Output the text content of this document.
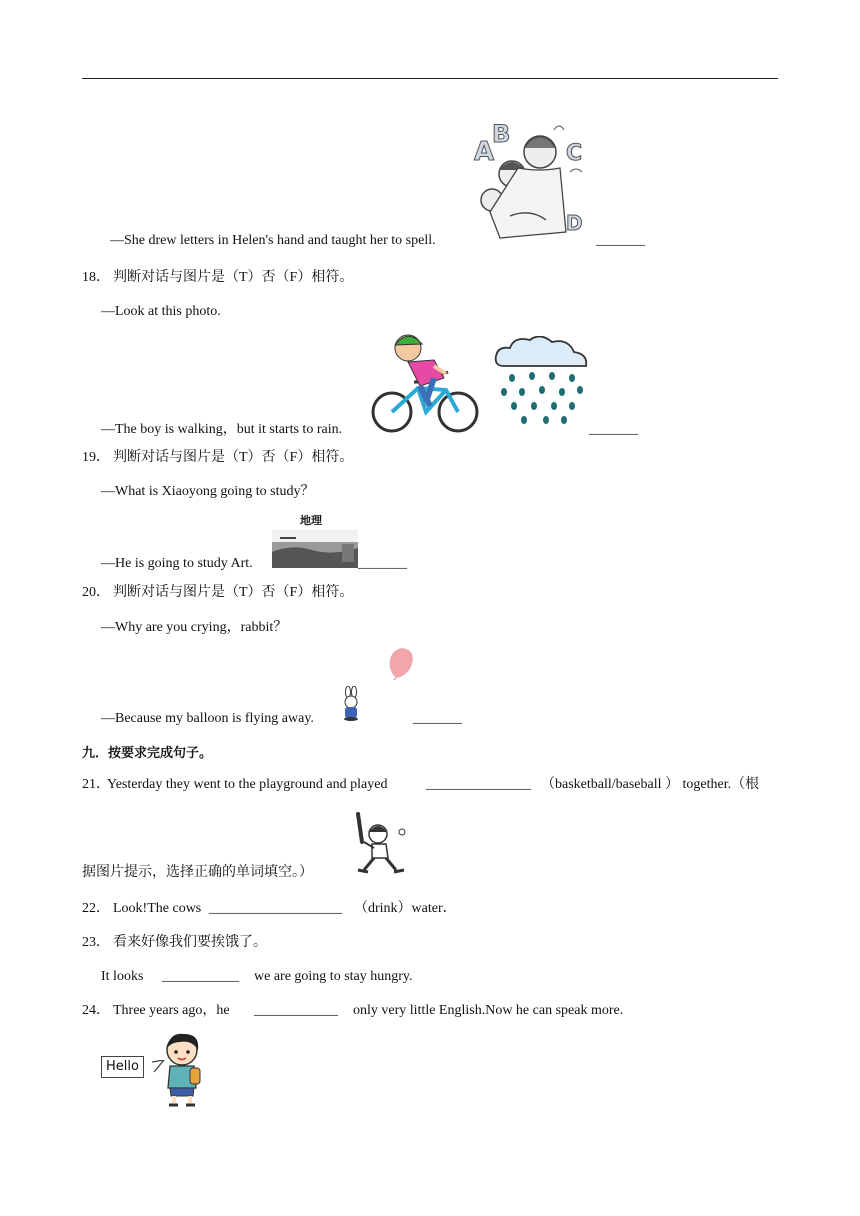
A
B
C
D
—She drew letters in Helen's hand and taught her to spell.	_______
18． 判断对话与图片是（T）否（F）相符。
—Look at this photo.
—The boy is walking，but it starts to rain.	_______
19． 判断对话与图片是（T）否（F）相符。
—What is Xiaoyong going to study？
地理
—He is going to study Art.	_______
20． 判断对话与图片是（T）否（F）相符。
—Why are you crying，rabbit？
—Because my balloon is flying away.	_______
九．按要求完成句子。
21．
Yesterday they went to the playground and played	_______________ （basketball/baseball ） together.（根
据图片提示，选择正确的单词填空。）
22． Look!The cows ___________________ （drink）water．
23． 看来好像我们要挨饿了。
It looks ___________ we are going to stay hungry.
24． Three years ago，he ____________ only very little English.Now he can speak more.
Hello
